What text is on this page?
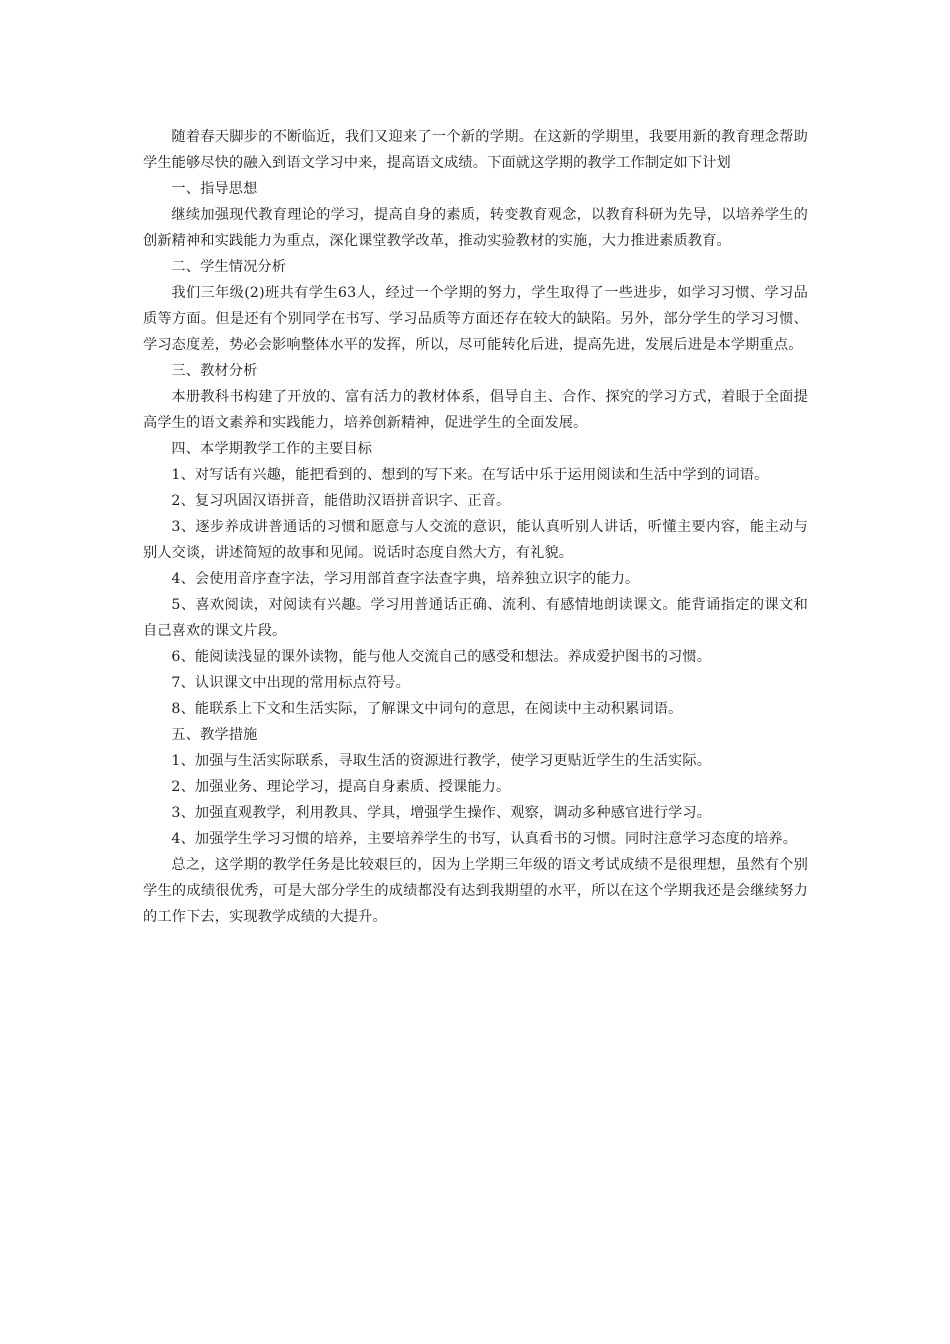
随着春天脚步的不断临近，我们又迎来了一个新的学期。在这新的学期里，我要用新的教育理念帮助学生能够尽快的融入到语文学习中来，提高语文成绩。下面就这学期的教学工作制定如下计划

一、指导思想

继续加强现代教育理论的学习，提高自身的素质，转变教育观念，以教育科研为先导，以培养学生的创新精神和实践能力为重点，深化课堂教学改革，推动实验教材的实施，大力推进素质教育。

二、学生情况分析

我们三年级(2)班共有学生63人，经过一个学期的努力，学生取得了一些进步，如学习习惯、学习品质等方面。但是还有个别同学在书写、学习品质等方面还存在较大的缺陷。另外，部分学生的学习习惯、学习态度差，势必会影响整体水平的发挥，所以，尽可能转化后进，提高先进，发展后进是本学期重点。

三、教材分析

本册教科书构建了开放的、富有活力的教材体系，倡导自主、合作、探究的学习方式，着眼于全面提高学生的语文素养和实践能力，培养创新精神，促进学生的全面发展。

四、本学期教学工作的主要目标

1、对写话有兴趣，能把看到的、想到的写下来。在写话中乐于运用阅读和生活中学到的词语。

2、复习巩固汉语拼音，能借助汉语拼音识字、正音。

3、逐步养成讲普通话的习惯和愿意与人交流的意识，能认真听别人讲话，听懂主要内容，能主动与别人交谈，讲述简短的故事和见闻。说话时态度自然大方，有礼貌。

4、会使用音序查字法，学习用部首查字法查字典，培养独立识字的能力。

5、喜欢阅读，对阅读有兴趣。学习用普通话正确、流利、有感情地朗读课文。能背诵指定的课文和自己喜欢的课文片段。

6、能阅读浅显的课外读物，能与他人交流自己的感受和想法。养成爱护图书的习惯。

7、认识课文中出现的常用标点符号。

8、能联系上下文和生活实际，了解课文中词句的意思，在阅读中主动积累词语。

五、教学措施

1、加强与生活实际联系，寻取生活的资源进行教学，使学习更贴近学生的生活实际。

2、加强业务、理论学习，提高自身素质、授课能力。

3、加强直观教学，利用教具、学具，增强学生操作、观察，调动多种感官进行学习。

4、加强学生学习习惯的培养，主要培养学生的书写，认真看书的习惯。同时注意学习态度的培养。

总之，这学期的教学任务是比较艰巨的，因为上学期三年级的语文考试成绩不是很理想，虽然有个别学生的成绩很优秀，可是大部分学生的成绩都没有达到我期望的水平，所以在这个学期我还是会继续努力的工作下去，实现教学成绩的大提升。
